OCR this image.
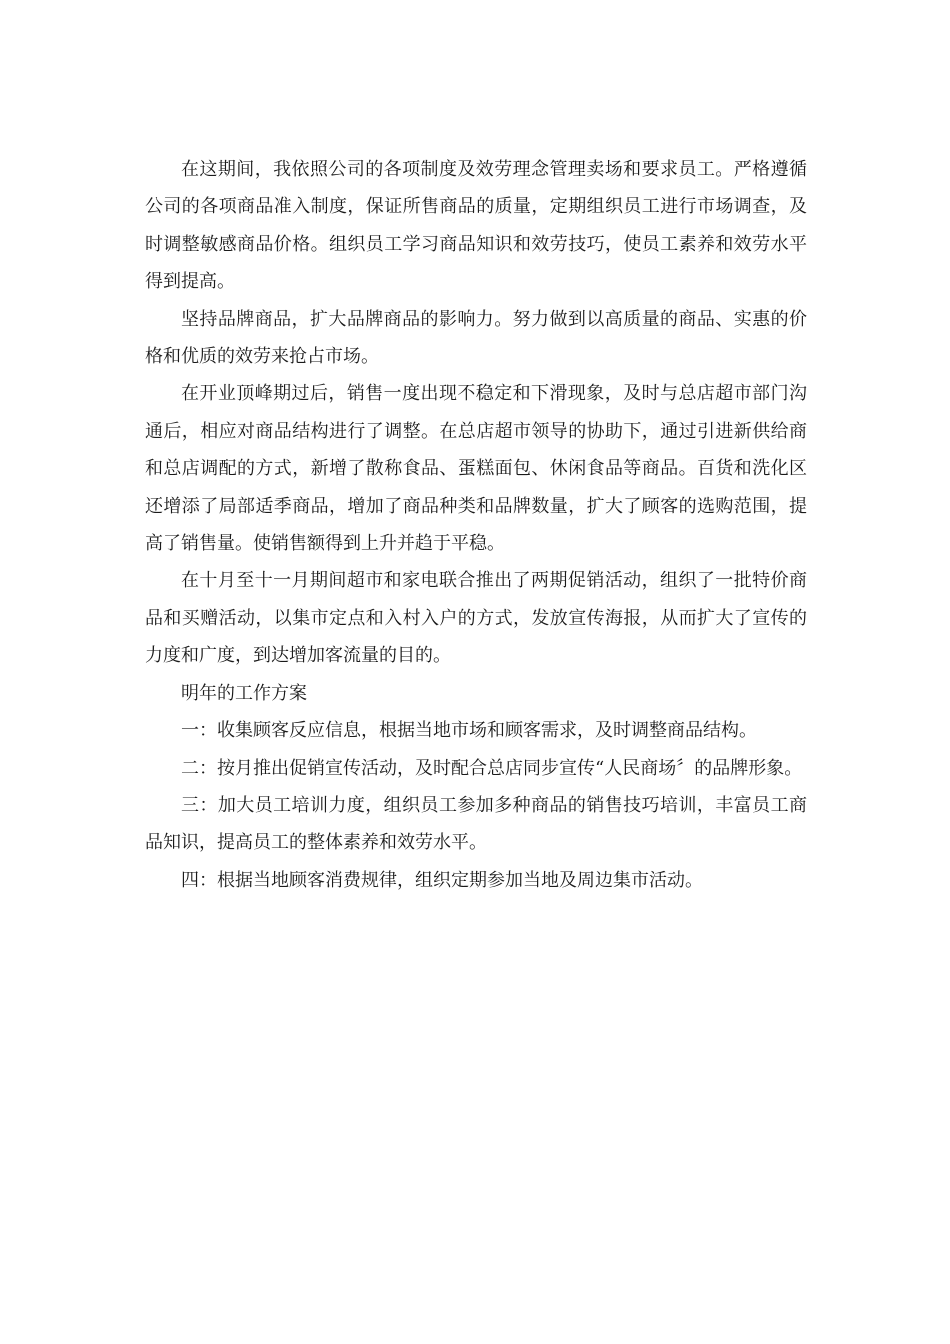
在这期间，我依照公司的各项制度及效劳理念管理卖场和要求员工。严格遵循公司的各项商品准入制度，保证所售商品的质量，定期组织员工进行市场调查，及时调整敏感商品价格。组织员工学习商品知识和效劳技巧，使员工素养和效劳水平得到提高。

坚持品牌商品，扩大品牌商品的影响力。努力做到以高质量的商品、实惠的价格和优质的效劳来抢占市场。

在开业顶峰期过后，销售一度出现不稳定和下滑现象，及时与总店超市部门沟通后，相应对商品结构进行了调整。在总店超市领导的协助下，通过引进新供给商和总店调配的方式，新增了散称食品、蛋糕面包、休闲食品等商品。百货和洗化区还增添了局部适季商品，增加了商品种类和品牌数量，扩大了顾客的选购范围，提高了销售量。使销售额得到上升并趋于平稳。

在十月至十一月期间超市和家电联合推出了两期促销活动，组织了一批特价商品和买赠活动，以集市定点和入村入户的方式，发放宣传海报，从而扩大了宣传的力度和广度，到达增加客流量的目的。

明年的工作方案

一：收集顾客反应信息，根据当地市场和顾客需求，及时调整商品结构。

二：按月推出促销宣传活动，及时配合总店同步宣传“人民商场〞的品牌形象。

三：加大员工培训力度，组织员工参加多种商品的销售技巧培训，丰富员工商品知识，提高员工的整体素养和效劳水平。

四：根据当地顾客消费规律，组织定期参加当地及周边集市活动。
